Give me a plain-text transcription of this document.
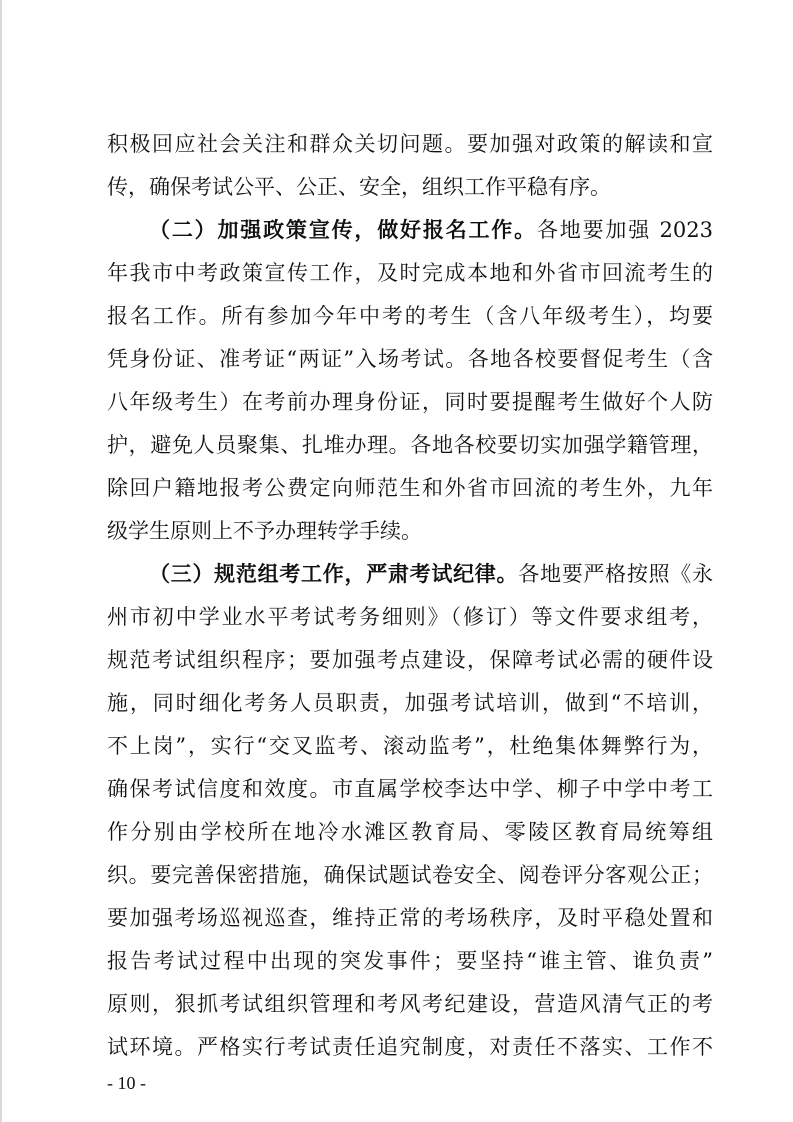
积极回应社会关注和群众关切问题。要加强对政策的解读和宣
传，确保考试公平、公正、安全，组织工作平稳有序。
（二）加强政策宣传，做好报名工作。各地要加强 2023
年我市中考政策宣传工作，及时完成本地和外省市回流考生的
报名工作。所有参加今年中考的考生（含八年级考生），均要
凭身份证、准考证“两证”入场考试。各地各校要督促考生（含
八年级考生）在考前办理身份证，同时要提醒考生做好个人防
护，避免人员聚集、扎堆办理。各地各校要切实加强学籍管理，
除回户籍地报考公费定向师范生和外省市回流的考生外，九年
级学生原则上不予办理转学手续。
（三）规范组考工作，严肃考试纪律。各地要严格按照《永
州市初中学业水平考试考务细则》（修订）等文件要求组考，
规范考试组织程序；要加强考点建设，保障考试必需的硬件设
施，同时细化考务人员职责，加强考试培训，做到“不培训，
不上岗”，实行“交叉监考、滚动监考”，杜绝集体舞弊行为，
确保考试信度和效度。市直属学校李达中学、柳子中学中考工
作分别由学校所在地冷水滩区教育局、零陵区教育局统筹组
织。要完善保密措施，确保试题试卷安全、阅卷评分客观公正；
要加强考场巡视巡查，维持正常的考场秩序，及时平稳处置和
报告考试过程中出现的突发事件；要坚持“谁主管、谁负责”
原则，狠抓考试组织管理和考风考纪建设，营造风清气正的考
试环境。严格实行考试责任追究制度，对责任不落实、工作不
- 10 -
